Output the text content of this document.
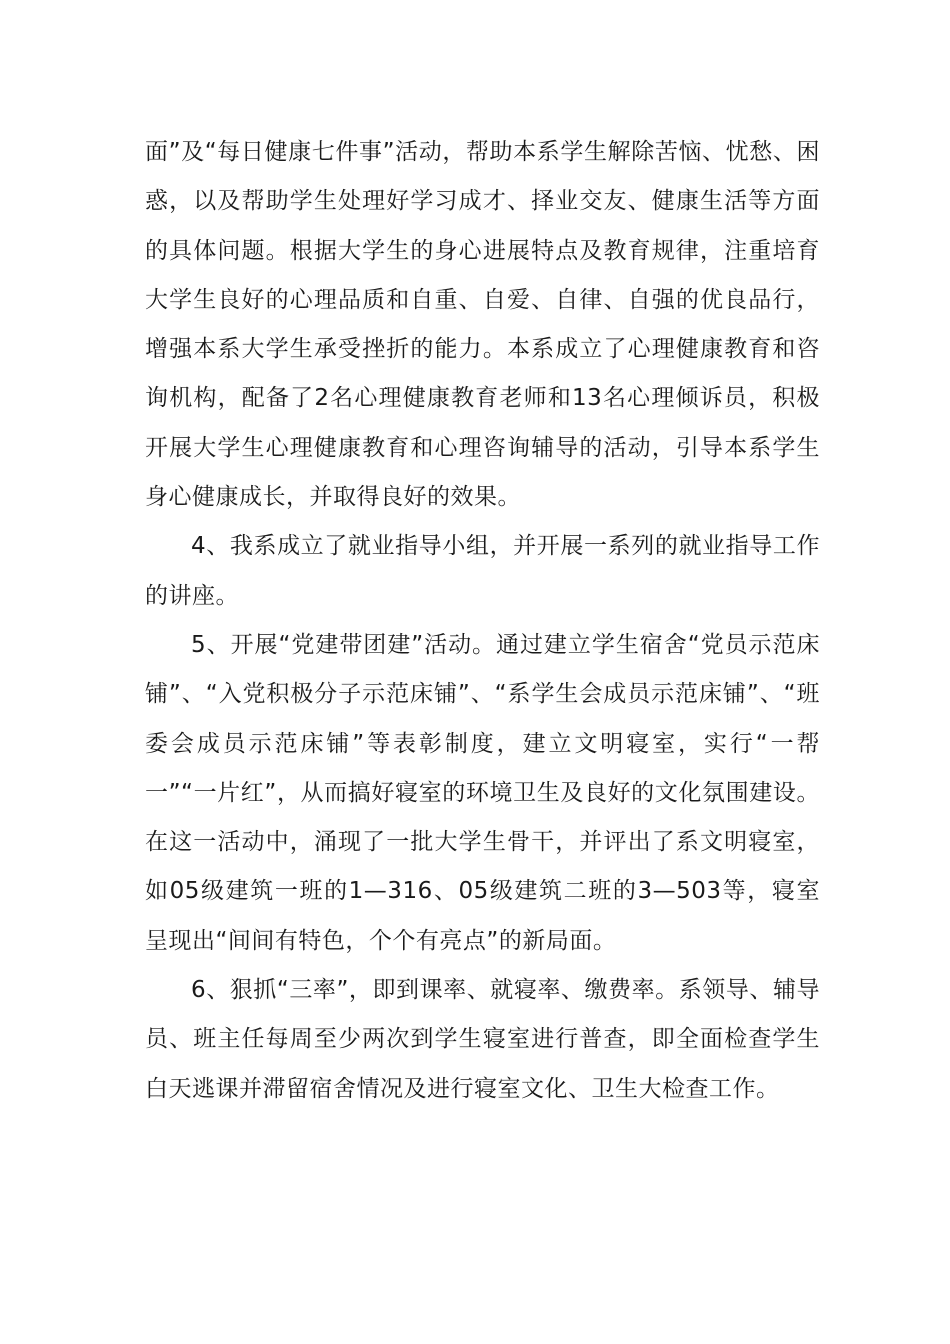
面”及“每日健康七件事”活动，帮助本系学生解除苦恼、忧愁、困惑，以及帮助学生处理好学习成才、择业交友、健康生活等方面的具体问题。根据大学生的身心进展特点及教育规律，注重培育大学生良好的心理品质和自重、自爱、自律、自强的优良品行，增强本系大学生承受挫折的能力。本系成立了心理健康教育和咨询机构，配备了2名心理健康教育老师和13名心理倾诉员，积极开展大学生心理健康教育和心理咨询辅导的活动，引导本系学生身心健康成长，并取得良好的效果。

4、我系成立了就业指导小组，并开展一系列的就业指导工作的讲座。

5、开展“党建带团建”活动。通过建立学生宿舍“党员示范床铺”、“入党积极分子示范床铺”、“系学生会成员示范床铺”、“班委会成员示范床铺”等表彰制度，建立文明寝室，实行“一帮一”“一片红”，从而搞好寝室的环境卫生及良好的文化氛围建设。在这一活动中，涌现了一批大学生骨干，并评出了系文明寝室，如05级建筑一班的1—316、05级建筑二班的3—503等，寝室呈现出“间间有特色，个个有亮点”的新局面。

6、狠抓“三率”，即到课率、就寝率、缴费率。系领导、辅导员、班主任每周至少两次到学生寝室进行普查，即全面检查学生白天逃课并滞留宿舍情况及进行寝室文化、卫生大检查工作。
